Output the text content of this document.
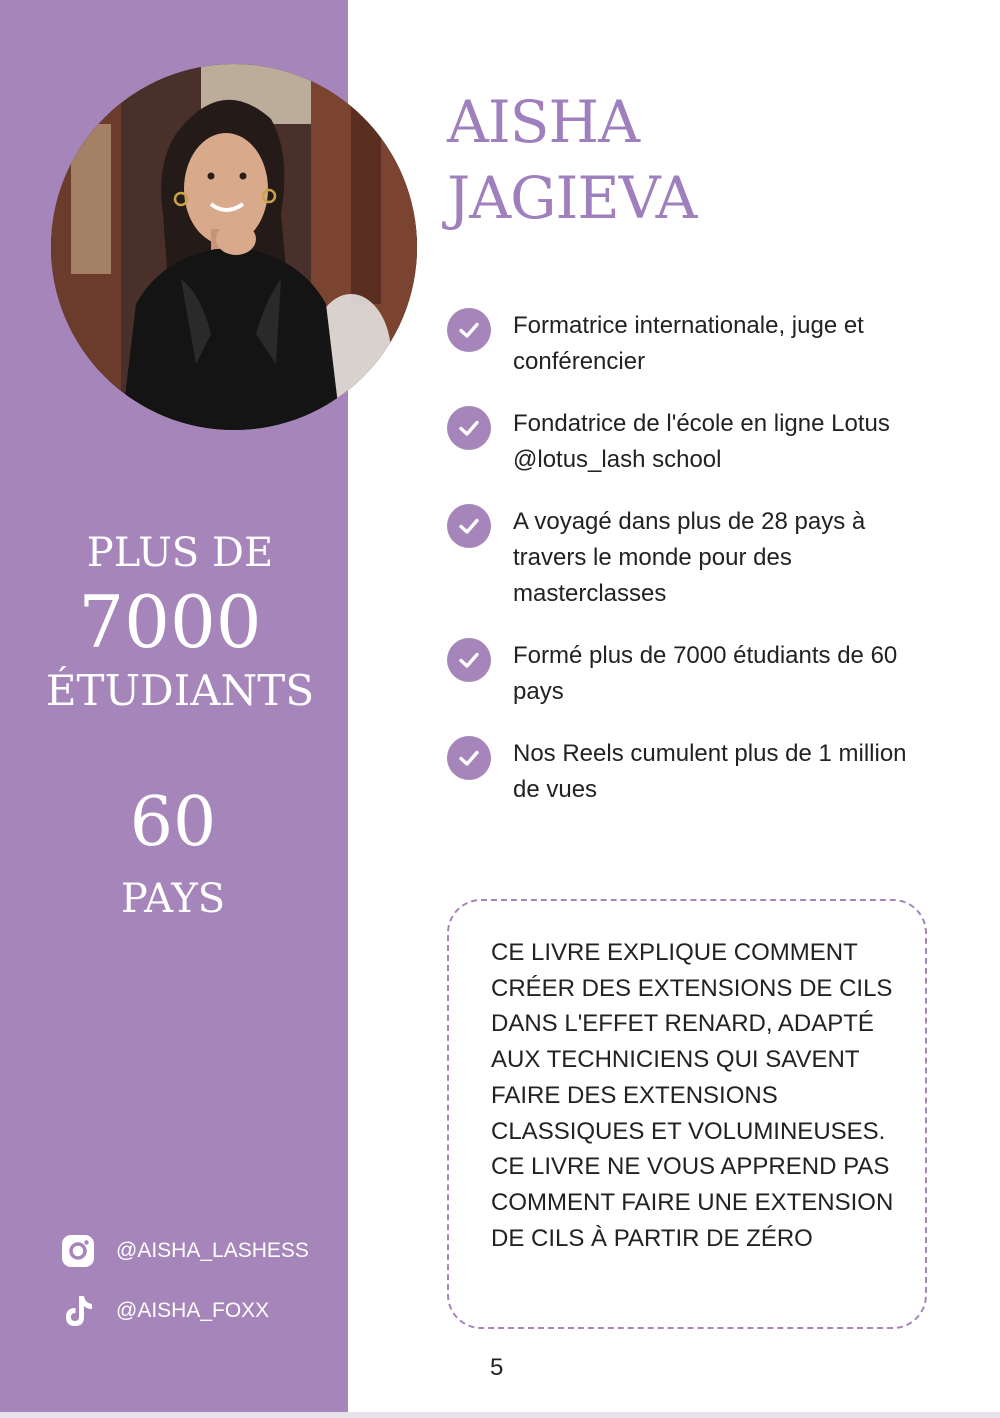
PLUS DE
7000
ÉTUDIANTS
60
PAYS
@AISHA_LASHESS
@AISHA_FOXX
AISHA
JAGIEVA
Formatrice internationale, juge et conférencier
Fondatrice de l'école en ligne Lotus @lotus_lash school
A voyagé dans plus de 28 pays à travers le monde pour des masterclasses
Formé plus de 7000 étudiants de 60 pays
Nos Reels cumulent plus de 1 million de vues
CE LIVRE EXPLIQUE COMMENT CRÉER DES EXTENSIONS DE CILS DANS L'EFFET RENARD, ADAPTÉ AUX TECHNICIENS QUI SAVENT FAIRE DES EXTENSIONS CLASSIQUES ET VOLUMINEUSES. CE LIVRE NE VOUS APPREND PAS COMMENT FAIRE UNE EXTENSION DE CILS À PARTIR DE ZÉRO
5
